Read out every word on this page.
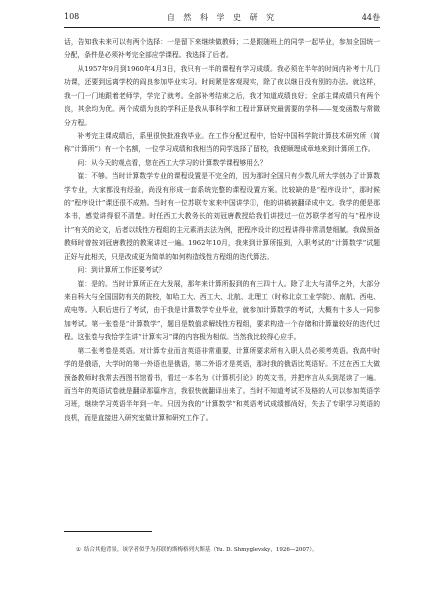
108	自 然 科 学 史 研 究	44卷

话，告知我未来可以有两个选择：一是留下来继续做教师；二是跟随班上的同学一起毕业，参加全国统一分配，条件是必须补考完全部应学课程。我选择了后者。

从1957年9月到1960年4月3日，我只有一半的课程有学习成绩。我必须在半年的时间内补考十几门功课，还要到远离学校的阎良参加毕业实习。时间紧是客观现实，除了夜以继日没有别的办法。就这样，我一门一门地跟着老师学，学完了就考。全部补考结束之后，我才知道成绩良好；全部主课成绩只有两个良，其余均为优。两个成绩为良的学科正是我从事科学和工程计算研究最需要的学科——复变函数与常微分方程。

补考完主课成绩后，系里很快批准我毕业。在工作分配过程中，恰好中国科学院计算技术研究所（简称“计算所”）有一个名额，一位学习成绩和我相当的同学选择了留校，我便顺理成章地来到计算所工作。

问：从今天的观点看，您在西工大学习的计算数学课程够用么？

崔：不够。当时计算数学专业的课程设置是不完全的，因为那时全国只有少数几所大学创办了计算数学专业，大家都没有经验，尚没有形成一套系统完整的课程设置方案。比较缺的是“程序设计”，那时候的“程序设计”课还很不成熟。当时有一位苏联专家来中国讲学①，他的讲稿被翻译成中文。我学的便是那本书，感觉讲得很不清楚。时任西工大教务长的刘冠唐教授给我们讲授过一位苏联学者写的与“程序设计”有关的论文，后者以线性方程组的主元素消去法为例，把程序设计的过程讲得非常清楚细腻。我做预备教师时曾按刘冠唐教授的教案讲过一遍。1962年10月，我来到计算所报到，入职考试的“计算数学”试题正好与此相关，只是改成更为简单的如何构造线性方程组的迭代算法。

问：到计算所工作还要考试？

崔：是的。当时计算所正在大发展，那年来计算所报到的有三四十人。除了北大与清华之外，大部分来自科大与全国国防有关的院校，如哈工大、西工大、北航、北理工（时称北京工业学院）、南航、西电、成电等。入职后进行了考试，由于我是计算数学专业毕业，就参加计算数学的考试，大概有十多人一同参加考试。第一张卷是“计算数学”，题目是数值求解线性方程组，要求构造一个存储和计算量较好的迭代过程。这张卷与我恰学生讲“计算实习”课的内容极为相似。当然我比较得心应手。

第二张考卷是英语。对计算专业而言英语非常重要，计算所要求所有入职人员必须考英语。我高中时学的是俄语，大学时的第一外语也是俄语，第二外语才是英语，那时我的俄语比英语好。不过在西工大做预备教师时我常去西图书馆看书，看过一本名为《计算机引论》的英文书，并把序言从头到尾读了一遍。而当年的英语试卷就是翻译那篇序言，我很快就翻译出来了。当时不知道考试不及格的人可以参加英语学习班，继续学习英语半年到一年。只因为我的“计算数学”和英语考试成绩都尚好，失去了专职学习英语的良机，而是直接进入研究室做计算和研究工作了。

① 结合其他背景，该学者似乎为苏联的斯梅格列夫斯基（Yu. D. Shmyglevsky，1926—2007）。
